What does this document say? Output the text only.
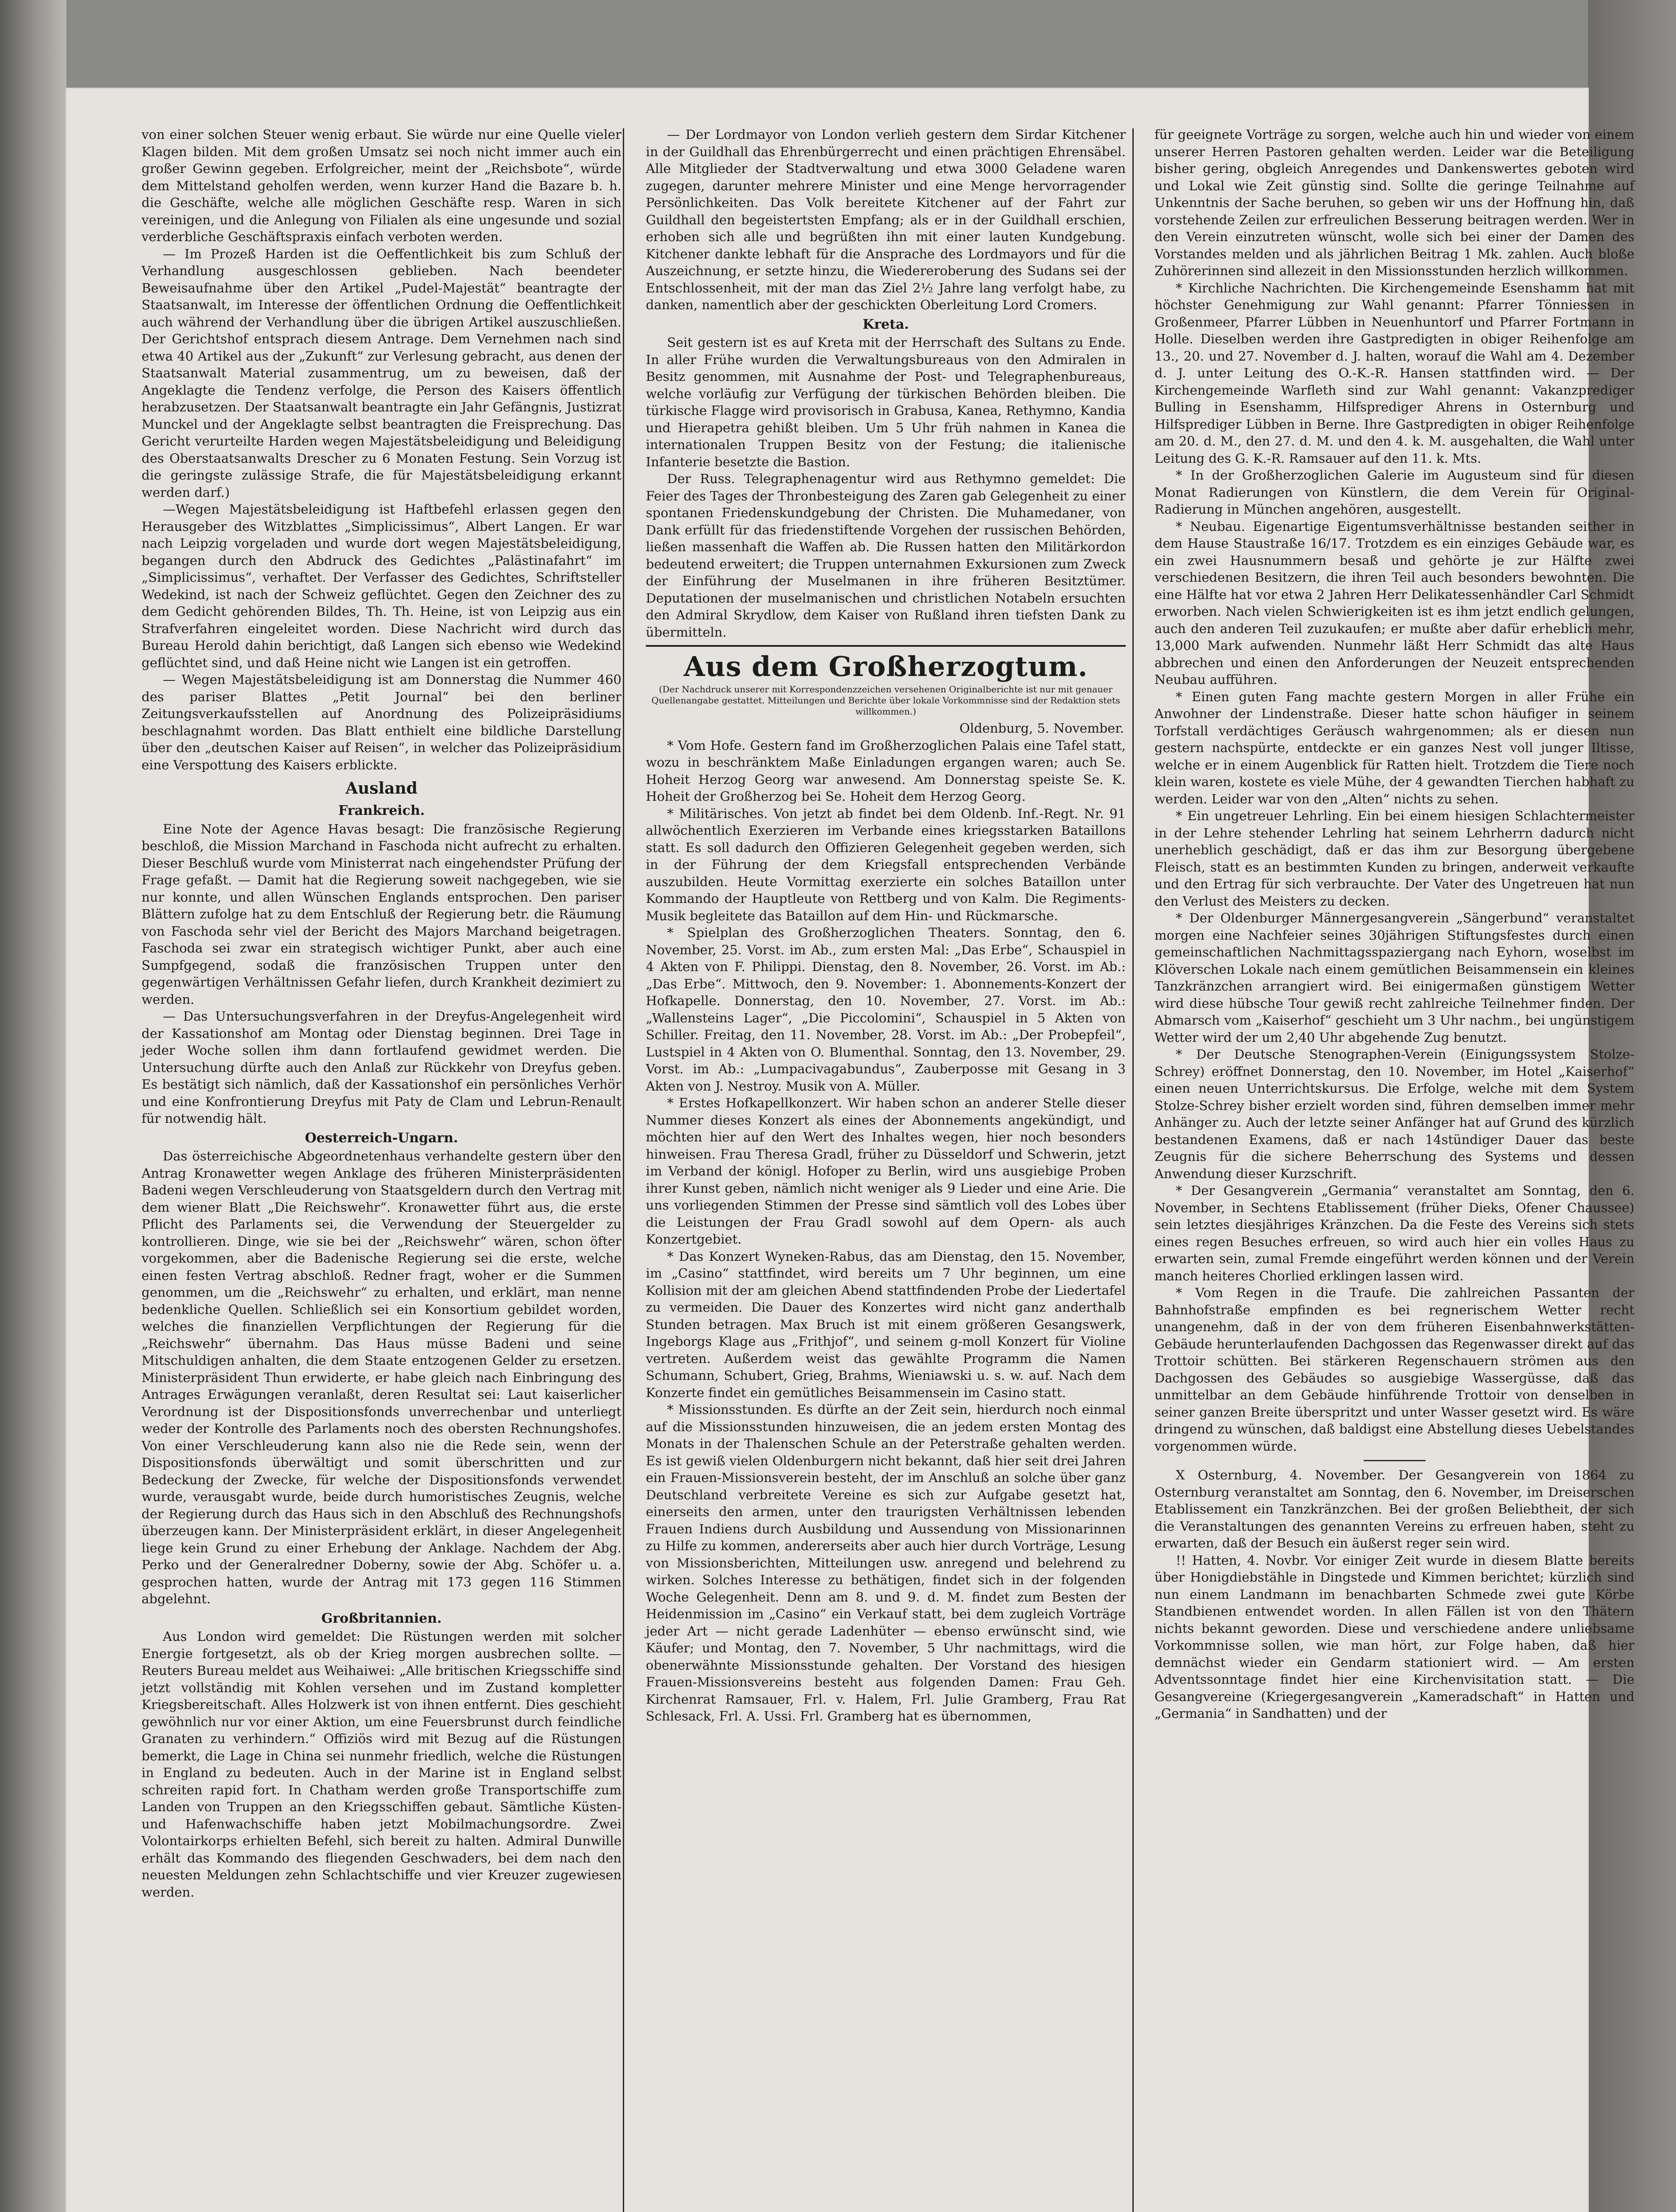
von einer solchen Steuer wenig erbaut. Sie würde nur eine Quelle vieler Klagen bilden. Mit dem großen Umsatz sei noch nicht immer auch ein großer Gewinn gegeben. Erfolgreicher, meint der „Reichsbote“, würde dem Mittelstand geholfen werden, wenn kurzer Hand die Bazare b. h. die Geschäfte, welche alle möglichen Geschäfte resp. Waren in sich vereinigen, und die Anlegung von Filialen als eine ungesunde und sozial verderbliche Geschäftspraxis einfach verboten werden.

— Im Prozeß Harden ist die Oeffentlichkeit bis zum Schluß der Verhandlung ausgeschlossen geblieben. Nach beendeter Beweisaufnahme über den Artikel „Pudel-Majestät“ beantragte der Staatsanwalt, im Interesse der öffentlichen Ordnung die Oeffentlichkeit auch während der Verhandlung über die übrigen Artikel auszuschließen. Der Gerichtshof entsprach diesem Antrage. Dem Vernehmen nach sind etwa 40 Artikel aus der „Zukunft“ zur Verlesung gebracht, aus denen der Staatsanwalt Material zusammentrug, um zu beweisen, daß der Angeklagte die Tendenz verfolge, die Person des Kaisers öffentlich herabzusetzen. Der Staatsanwalt beantragte ein Jahr Gefängnis, Justizrat Munckel und der Angeklagte selbst beantragten die Freisprechung. Das Gericht verurteilte Harden wegen Majestätsbeleidigung und Beleidigung des Oberstaatsanwalts Drescher zu 6 Monaten Festung. Sein Vorzug ist die geringste zulässige Strafe, die für Majestätsbeleidigung erkannt werden darf.)

—Wegen Majestätsbeleidigung ist Haftbefehl erlassen gegen den Herausgeber des Witzblattes „Simplicissimus“, Albert Langen. Er war nach Leipzig vorgeladen und wurde dort wegen Majestätsbeleidigung, begangen durch den Abdruck des Gedichtes „Palästinafahrt“ im „Simplicissimus“, verhaftet. Der Verfasser des Gedichtes, Schriftsteller Wedekind, ist nach der Schweiz geflüchtet. Gegen den Zeichner des zu dem Gedicht gehörenden Bildes, Th. Th. Heine, ist von Leipzig aus ein Strafverfahren eingeleitet worden. Diese Nachricht wird durch das Bureau Herold dahin berichtigt, daß Langen sich ebenso wie Wedekind geflüchtet sind, und daß Heine nicht wie Langen ist ein getroffen.

— Wegen Majestätsbeleidigung ist am Donnerstag die Nummer 460 des pariser Blattes „Petit Journal“ bei den berliner Zeitungsverkaufsstellen auf Anordnung des Polizeipräsidiums beschlagnahmt worden. Das Blatt enthielt eine bildliche Darstellung über den „deutschen Kaiser auf Reisen“, in welcher das Polizeipräsidium eine Verspottung des Kaisers erblickte.

Ausland
Frankreich.

Eine Note der Agence Havas besagt: Die französische Regierung beschloß, die Mission Marchand in Faschoda nicht aufrecht zu erhalten. Dieser Beschluß wurde vom Ministerrat nach eingehendster Prüfung der Frage gefaßt. — Damit hat die Regierung soweit nachgegeben, wie sie nur konnte, und allen Wünschen Englands entsprochen. Den pariser Blättern zufolge hat zu dem Entschluß der Regierung betr. die Räumung von Faschoda sehr viel der Bericht des Majors Marchand beigetragen. Faschoda sei zwar ein strategisch wichtiger Punkt, aber auch eine Sumpfgegend, sodaß die französischen Truppen unter den gegenwärtigen Verhältnissen Gefahr liefen, durch Krankheit dezimiert zu werden.

— Das Untersuchungsverfahren in der Dreyfus-Angelegenheit wird der Kassationshof am Montag oder Dienstag beginnen. Drei Tage in jeder Woche sollen ihm dann fortlaufend gewidmet werden. Die Untersuchung dürfte auch den Anlaß zur Rückkehr von Dreyfus geben. Es bestätigt sich nämlich, daß der Kassationshof ein persönliches Verhör und eine Konfrontierung Dreyfus mit Paty de Clam und Lebrun-Renault für notwendig hält.

Oesterreich-Ungarn.

Das österreichische Abgeordnetenhaus verhandelte gestern über den Antrag Kronawetter wegen Anklage des früheren Ministerpräsidenten Badeni wegen Verschleuderung von Staatsgeldern durch den Vertrag mit dem wiener Blatt „Die Reichswehr“. Kronawetter führt aus, die erste Pflicht des Parlaments sei, die Verwendung der Steuergelder zu kontrollieren. Dinge, wie sie bei der „Reichswehr“ wären, schon öfter vorgekommen, aber die Badenische Regierung sei die erste, welche einen festen Vertrag abschloß. Redner fragt, woher er die Summen genommen, um die „Reichswehr“ zu erhalten, und erklärt, man nenne bedenkliche Quellen. Schließlich sei ein Konsortium gebildet worden, welches die finanziellen Verpflichtungen der Regierung für die „Reichswehr“ übernahm. Das Haus müsse Badeni und seine Mitschuldigen anhalten, die dem Staate entzogenen Gelder zu ersetzen. Ministerpräsident Thun erwiderte, er habe gleich nach Einbringung des Antrages Erwägungen veranlaßt, deren Resultat sei: Laut kaiserlicher Verordnung ist der Dispositionsfonds unverrechenbar und unterliegt weder der Kontrolle des Parlaments noch des obersten Rechnungshofes. Von einer Verschleuderung kann also nie die Rede sein, wenn der Dispositionsfonds überwältigt und somit überschritten und zur Bedeckung der Zwecke, für welche der Dispositionsfonds verwendet wurde, verausgabt wurde, beide durch humoristisches Zeugnis, welche der Regierung durch das Haus sich in den Abschluß des Rechnungshofs überzeugen kann. Der Ministerpräsident erklärt, in dieser Angelegenheit liege kein Grund zu einer Erhebung der Anklage. Nachdem der Abg. Perko und der Generalredner Doberny, sowie der Abg. Schöfer u. a. gesprochen hatten, wurde der Antrag mit 173 gegen 116 Stimmen abgelehnt.

Großbritannien.

Aus London wird gemeldet: Die Rüstungen werden mit solcher Energie fortgesetzt, als ob der Krieg morgen ausbrechen sollte. — Reuters Bureau meldet aus Weihaiwei: „Alle britischen Kriegsschiffe sind jetzt vollständig mit Kohlen versehen und im Zustand kompletter Kriegsbereitschaft. Alles Holzwerk ist von ihnen entfernt. Dies geschieht gewöhnlich nur vor einer Aktion, um eine Feuersbrunst durch feindliche Granaten zu verhindern.“ Offiziös wird mit Bezug auf die Rüstungen bemerkt, die Lage in China sei nunmehr friedlich, welche die Rüstungen in England zu bedeuten. Auch in der Marine ist in England selbst schreiten rapid fort. In Chatham werden große Transportschiffe zum Landen von Truppen an den Kriegsschiffen gebaut. Sämtliche Küsten- und Hafenwachschiffe haben jetzt Mobilmachungsordre. Zwei Volontairkorps erhielten Befehl, sich bereit zu halten. Admiral Dunwille erhält das Kommando des fliegenden Geschwaders, bei dem nach den neuesten Meldungen zehn Schlachtschiffe und vier Kreuzer zugewiesen werden.

— Der Lordmayor von London verlieh gestern dem Sirdar Kitchener in der Guildhall das Ehrenbürgerrecht und einen prächtigen Ehrensäbel. Alle Mitglieder der Stadtverwaltung und etwa 3000 Geladene waren zugegen, darunter mehrere Minister und eine Menge hervorragender Persönlichkeiten. Das Volk bereitete Kitchener auf der Fahrt zur Guildhall den begeistertsten Empfang; als er in der Guildhall erschien, erhoben sich alle und begrüßten ihn mit einer lauten Kundgebung. Kitchener dankte lebhaft für die Ansprache des Lordmayors und für die Auszeichnung, er setzte hinzu, die Wiedereroberung des Sudans sei der Entschlossenheit, mit der man das Ziel 2½ Jahre lang verfolgt habe, zu danken, namentlich aber der geschickten Oberleitung Lord Cromers.

Kreta.

Seit gestern ist es auf Kreta mit der Herrschaft des Sultans zu Ende. In aller Frühe wurden die Verwaltungsbureaus von den Admiralen in Besitz genommen, mit Ausnahme der Post- und Telegraphenbureaus, welche vorläufig zur Verfügung der türkischen Behörden bleiben. Die türkische Flagge wird provisorisch in Grabusa, Kanea, Rethymno, Kandia und Hierapetra gehißt bleiben. Um 5 Uhr früh nahmen in Kanea die internationalen Truppen Besitz von der Festung; die italienische Infanterie besetzte die Bastion.

Der Russ. Telegraphenagentur wird aus Rethymno gemeldet: Die Feier des Tages der Thronbesteigung des Zaren gab Gelegenheit zu einer spontanen Friedenskundgebung der Christen. Die Muhamedaner, von Dank erfüllt für das friedenstiftende Vorgehen der russischen Behörden, ließen massenhaft die Waffen ab. Die Russen hatten den Militärkordon bedeutend erweitert; die Truppen unternahmen Exkursionen zum Zweck der Einführung der Muselmanen in ihre früheren Besitztümer. Deputationen der muselmanischen und christlichen Notabeln ersuchten den Admiral Skrydlow, dem Kaiser von Rußland ihren tiefsten Dank zu übermitteln.

Aus dem Großherzogtum.
(Der Nachdruck unserer mit Korrespondenzzeichen versehenen Originalberichte ist nur mit genauer Quellenangabe gestattet. Mitteilungen und Berichte über lokale Vorkommnisse sind der Redaktion stets willkommen.)
Oldenburg, 5. November.

* Vom Hofe. Gestern fand im Großherzoglichen Palais eine Tafel statt, wozu in beschränktem Maße Einladungen ergangen waren; auch Se. Hoheit Herzog Georg war anwesend. Am Donnerstag speiste Se. K. Hoheit der Großherzog bei Se. Hoheit dem Herzog Georg.

* Militärisches. Von jetzt ab findet bei dem Oldenb. Inf.-Regt. Nr. 91 allwöchentlich Exerzieren im Verbande eines kriegsstarken Bataillons statt. Es soll dadurch den Offizieren Gelegenheit gegeben werden, sich in der Führung der dem Kriegsfall entsprechenden Verbände auszubilden. Heute Vormittag exerzierte ein solches Bataillon unter Kommando der Hauptleute von Rettberg und von Kalm. Die Regiments-Musik begleitete das Bataillon auf dem Hin- und Rückmarsche.

* Spielplan des Großherzoglichen Theaters. Sonntag, den 6. November, 25. Vorst. im Ab., zum ersten Mal: „Das Erbe“, Schauspiel in 4 Akten von F. Philippi. Dienstag, den 8. November, 26. Vorst. im Ab.: „Das Erbe“. Mittwoch, den 9. November: 1. Abonnements-Konzert der Hofkapelle. Donnerstag, den 10. November, 27. Vorst. im Ab.: „Wallensteins Lager“, „Die Piccolomini“, Schauspiel in 5 Akten von Schiller. Freitag, den 11. November, 28. Vorst. im Ab.: „Der Probepfeil“, Lustspiel in 4 Akten von O. Blumenthal. Sonntag, den 13. November, 29. Vorst. im Ab.: „Lumpacivagabundus“, Zauberposse mit Gesang in 3 Akten von J. Nestroy. Musik von A. Müller.

* Erstes Hofkapellkonzert. Wir haben schon an anderer Stelle dieser Nummer dieses Konzert als eines der Abonnements angekündigt, und möchten hier auf den Wert des Inhaltes wegen, hier noch besonders hinweisen. Frau Theresa Gradl, früher zu Düsseldorf und Schwerin, jetzt im Verband der königl. Hofoper zu Berlin, wird uns ausgiebige Proben ihrer Kunst geben, nämlich nicht weniger als 9 Lieder und eine Arie. Die uns vorliegenden Stimmen der Presse sind sämtlich voll des Lobes über die Leistungen der Frau Gradl sowohl auf dem Opern- als auch Konzertgebiet.

* Das Konzert Wyneken-Rabus, das am Dienstag, den 15. November, im „Casino“ stattfindet, wird bereits um 7 Uhr beginnen, um eine Kollision mit der am gleichen Abend stattfindenden Probe der Liedertafel zu vermeiden. Die Dauer des Konzertes wird nicht ganz anderthalb Stunden betragen. Max Bruch ist mit einem größeren Gesangswerk, Ingeborgs Klage aus „Frithjof“, und seinem g-moll Konzert für Violine vertreten. Außerdem weist das gewählte Programm die Namen Schumann, Schubert, Grieg, Brahms, Wieniawski u. s. w. auf. Nach dem Konzerte findet ein gemütliches Beisammensein im Casino statt.

* Missionsstunden. Es dürfte an der Zeit sein, hierdurch noch einmal auf die Missionsstunden hinzuweisen, die an jedem ersten Montag des Monats in der Thalenschen Schule an der Peterstraße gehalten werden. Es ist gewiß vielen Oldenburgern nicht bekannt, daß hier seit drei Jahren ein Frauen-Missionsverein besteht, der im Anschluß an solche über ganz Deutschland verbreitete Vereine es sich zur Aufgabe gesetzt hat, einerseits den armen, unter den traurigsten Verhältnissen lebenden Frauen Indiens durch Ausbildung und Aussendung von Missionarinnen zu Hilfe zu kommen, andererseits aber auch hier durch Vorträge, Lesung von Missionsberichten, Mitteilungen usw. anregend und belehrend zu wirken. Solches Interesse zu bethätigen, findet sich in der folgenden Woche Gelegenheit. Denn am 8. und 9. d. M. findet zum Besten der Heidenmission im „Casino“ ein Verkauf statt, bei dem zugleich Vorträge jeder Art — nicht gerade Ladenhüter — ebenso erwünscht sind, wie Käufer; und Montag, den 7. November, 5 Uhr nachmittags, wird die obenerwähnte Missionsstunde gehalten. Der Vorstand des hiesigen Frauen-Missionsvereins besteht aus folgenden Damen: Frau Geh. Kirchenrat Ramsauer, Frl. v. Halem, Frl. Julie Gramberg, Frau Rat Schlesack, Frl. A. Ussi. Frl. Gramberg hat es übernommen,

für geeignete Vorträge zu sorgen, welche auch hin und wieder von einem unserer Herren Pastoren gehalten werden. Leider war die Beteiligung bisher gering, obgleich Anregendes und Dankenswertes geboten wird und Lokal wie Zeit günstig sind. Sollte die geringe Teilnahme auf Unkenntnis der Sache beruhen, so geben wir uns der Hoffnung hin, daß vorstehende Zeilen zur erfreulichen Besserung beitragen werden. Wer in den Verein einzutreten wünscht, wolle sich bei einer der Damen des Vorstandes melden und als jährlichen Beitrag 1 Mk. zahlen. Auch bloße Zuhörerinnen sind allezeit in den Missionsstunden herzlich willkommen.

* Kirchliche Nachrichten. Die Kirchengemeinde Esenshamm hat mit höchster Genehmigung zur Wahl genannt: Pfarrer Tönniessen in Großenmeer, Pfarrer Lübben in Neuenhuntorf und Pfarrer Fortmann in Holle. Dieselben werden ihre Gastpredigten in obiger Reihenfolge am 13., 20. und 27. November d. J. halten, worauf die Wahl am 4. Dezember d. J. unter Leitung des O.-K.-R. Hansen stattfinden wird. — Der Kirchengemeinde Warfleth sind zur Wahl genannt: Vakanzprediger Bulling in Esenshamm, Hilfsprediger Ahrens in Osternburg und Hilfsprediger Lübben in Berne. Ihre Gastpredigten in obiger Reihenfolge am 20. d. M., den 27. d. M. und den 4. k. M. ausgehalten, die Wahl unter Leitung des G. K.-R. Ramsauer auf den 11. k. Mts.

* In der Großherzoglichen Galerie im Augusteum sind für diesen Monat Radierungen von Künstlern, die dem Verein für Original-Radierung in München angehören, ausgestellt.

* Neubau. Eigenartige Eigentumsverhältnisse bestanden seither in dem Hause Staustraße 16/17. Trotzdem es ein einziges Gebäude war, es ein zwei Hausnummern besaß und gehörte je zur Hälfte zwei verschiedenen Besitzern, die ihren Teil auch besonders bewohnten. Die eine Hälfte hat vor etwa 2 Jahren Herr Delikatessenhändler Carl Schmidt erworben. Nach vielen Schwierigkeiten ist es ihm jetzt endlich gelungen, auch den anderen Teil zuzukaufen; er mußte aber dafür erheblich mehr, 13,000 Mark aufwenden. Nunmehr läßt Herr Schmidt das alte Haus abbrechen und einen den Anforderungen der Neuzeit entsprechenden Neubau aufführen.

* Einen guten Fang machte gestern Morgen in aller Frühe ein Anwohner der Lindenstraße. Dieser hatte schon häufiger in seinem Torfstall verdächtiges Geräusch wahrgenommen; als er diesen nun gestern nachspürte, entdeckte er ein ganzes Nest voll junger Iltisse, welche er in einem Augenblick für Ratten hielt. Trotzdem die Tiere noch klein waren, kostete es viele Mühe, der 4 gewandten Tierchen habhaft zu werden. Leider war von den „Alten“ nichts zu sehen.

* Ein ungetreuer Lehrling. Ein bei einem hiesigen Schlachtermeister in der Lehre stehender Lehrling hat seinem Lehrherrn dadurch nicht unerheblich geschädigt, daß er das ihm zur Besorgung übergebene Fleisch, statt es an bestimmten Kunden zu bringen, anderweit verkaufte und den Ertrag für sich verbrauchte. Der Vater des Ungetreuen hat nun den Verlust des Meisters zu decken.

* Der Oldenburger Männergesangverein „Sängerbund“ veranstaltet morgen eine Nachfeier seines 30jährigen Stiftungsfestes durch einen gemeinschaftlichen Nachmittagsspaziergang nach Eyhorn, woselbst im Klöverschen Lokale nach einem gemütlichen Beisammensein ein kleines Tanzkränzchen arrangiert wird. Bei einigermaßen günstigem Wetter wird diese hübsche Tour gewiß recht zahlreiche Teilnehmer finden. Der Abmarsch vom „Kaiserhof“ geschieht um 3 Uhr nachm., bei ungünstigem Wetter wird der um 2,40 Uhr abgehende Zug benutzt.

* Der Deutsche Stenographen-Verein (Einigungssystem Stolze-Schrey) eröffnet Donnerstag, den 10. November, im Hotel „Kaiserhof“ einen neuen Unterrichtskursus. Die Erfolge, welche mit dem System Stolze-Schrey bisher erzielt worden sind, führen demselben immer mehr Anhänger zu. Auch der letzte seiner Anfänger hat auf Grund des kürzlich bestandenen Examens, daß er nach 14stündiger Dauer das beste Zeugnis für die sichere Beherrschung des Systems und dessen Anwendung dieser Kurzschrift.

* Der Gesangverein „Germania“ veranstaltet am Sonntag, den 6. November, in Sechtens Etablissement (früher Dieks, Ofener Chaussee) sein letztes diesjähriges Kränzchen. Da die Feste des Vereins sich stets eines regen Besuches erfreuen, so wird auch hier ein volles Haus zu erwarten sein, zumal Fremde eingeführt werden können und der Verein manch heiteres Chorlied erklingen lassen wird.

* Vom Regen in die Traufe. Die zahlreichen Passanten der Bahnhofstraße empfinden es bei regnerischem Wetter recht unangenehm, daß in der von dem früheren Eisenbahnwerkstätten-Gebäude herunterlaufenden Dachgossen das Regenwasser direkt auf das Trottoir schütten. Bei stärkeren Regenschauern strömen aus den Dachgossen des Gebäudes so ausgiebige Wassergüsse, daß das unmittelbar an dem Gebäude hinführende Trottoir von denselben in seiner ganzen Breite überspritzt und unter Wasser gesetzt wird. Es wäre dringend zu wünschen, daß baldigst eine Abstellung dieses Uebelstandes vorgenommen würde.

X Osternburg, 4. November. Der Gesangverein von 1864 zu Osternburg veranstaltet am Sonntag, den 6. November, im Dreiserschen Etablissement ein Tanzkränzchen. Bei der großen Beliebtheit, der sich die Veranstaltungen des genannten Vereins zu erfreuen haben, steht zu erwarten, daß der Besuch ein äußerst reger sein wird.

!! Hatten, 4. Novbr. Vor einiger Zeit wurde in diesem Blatte bereits über Honigdiebstähle in Dingstede und Kimmen berichtet; kürzlich sind nun einem Landmann im benachbarten Schmede zwei gute Körbe Standbienen entwendet worden. In allen Fällen ist von den Thätern nichts bekannt geworden. Diese und verschiedene andere unliebsame Vorkommnisse sollen, wie man hört, zur Folge haben, daß hier demnächst wieder ein Gendarm stationiert wird. — Am ersten Adventssonntage findet hier eine Kirchenvisitation statt. — Die Gesangvereine (Kriegergesangverein „Kameradschaft“ in Hatten und „Germania“ in Sandhatten) und der
